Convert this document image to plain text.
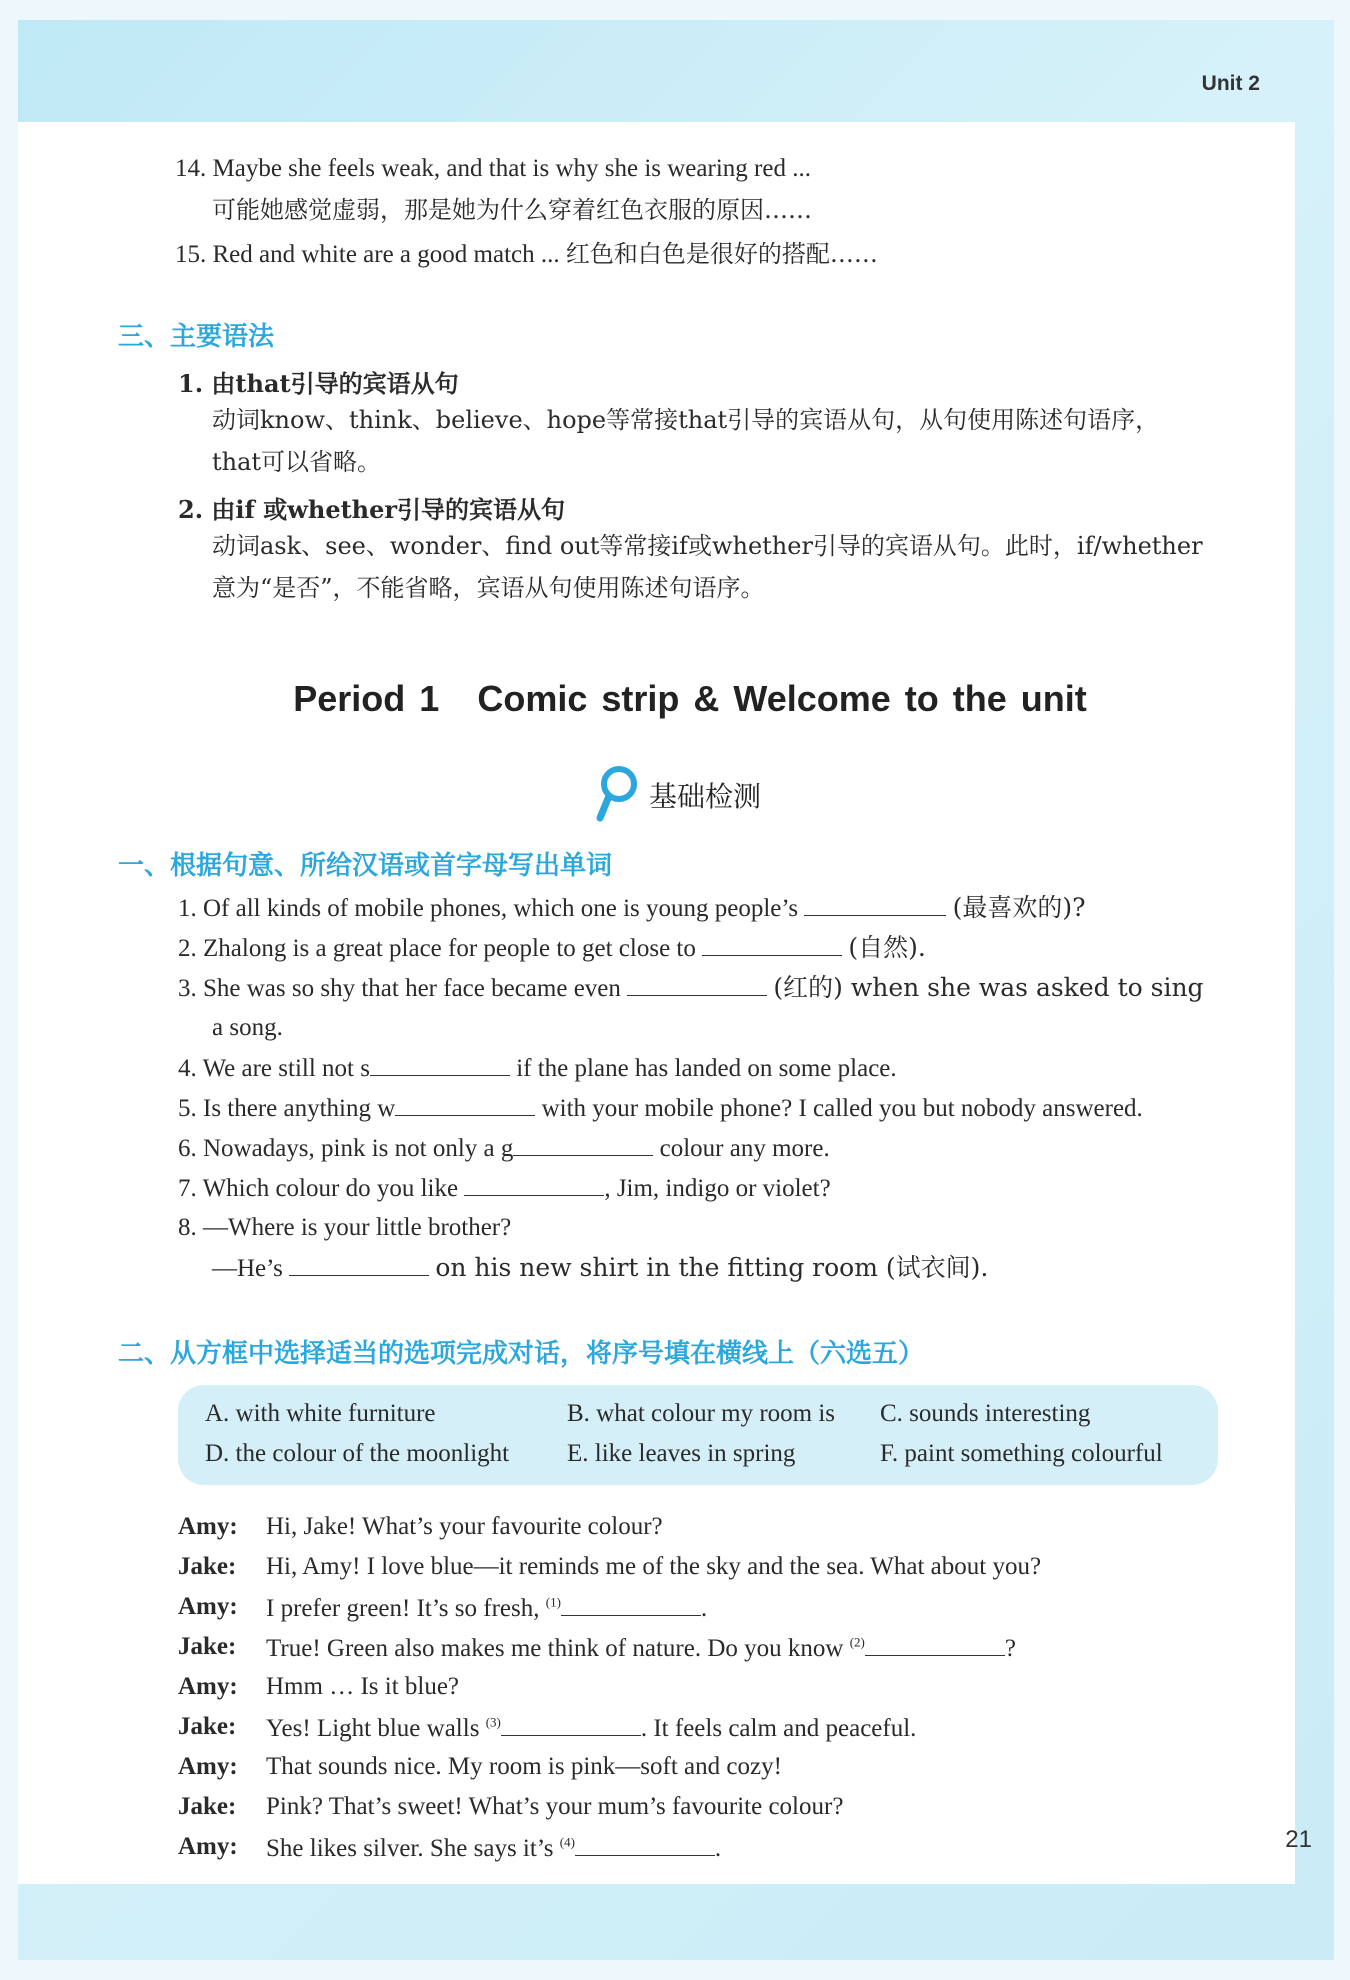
Unit 2
21
14. Maybe she feels weak, and that is why she is wearing red ...
可能她感觉虚弱，那是她为什么穿着红色衣服的原因……
15. Red and white are a good match ... 红色和白色是很好的搭配……
三、主要语法
1. 由that引导的宾语从句
动词know、think、believe、hope等常接that引导的宾语从句，从句使用陈述句语序，
that可以省略。
2. 由if 或whether引导的宾语从句
动词ask、see、wonder、find out等常接if或whether引导的宾语从句。此时，if/whether
意为“是否”，不能省略，宾语从句使用陈述句语序。
Period 1 Comic strip & Welcome to the unit
基础检测
一、根据句意、所给汉语或首字母写出单词
1. Of all kinds of mobile phones, which one is young people’s	(最喜欢的)?
2. Zhalong is a great place for people to get close to	(自然).
3. She was so shy that her face became even	(红的) when she was asked to sing
a song.
4. We are still not s	if the plane has landed on some place.
5. Is there anything w	with your mobile phone? I called you but nobody answered.
6. Nowadays, pink is not only a g	colour any more.
7. Which colour do you like	, Jim, indigo or violet?
8. —Where is your little brother?
—He’s	on his new shirt in the fitting room (试衣间).
二、从方框中选择适当的选项完成对话，将序号填在横线上（六选五）
A. with white furniture	B. what colour my room is C. sounds interesting
D. the colour of the moonlight E. like leaves in spring	F. paint something colourful
Amy: Hi, Jake! What’s your favourite colour?
Jake: Hi, Amy! I love blue—it reminds me of the sky and the sea. What about you?
Amy: I prefer green! It’s so fresh, $^{(1)}$	.
Jake: True! Green also makes me think of nature. Do you know $^{(2)}$	?
Amy: Hmm … Is it blue?
Jake: Yes! Light blue walls $^{(3)}$	. It feels calm and peaceful.
Amy: That sounds nice. My room is pink—soft and cozy!
Jake: Pink? That’s sweet! What’s your mum’s favourite colour?
Amy: She likes silver. She says it’s $^{(4)}$	.
